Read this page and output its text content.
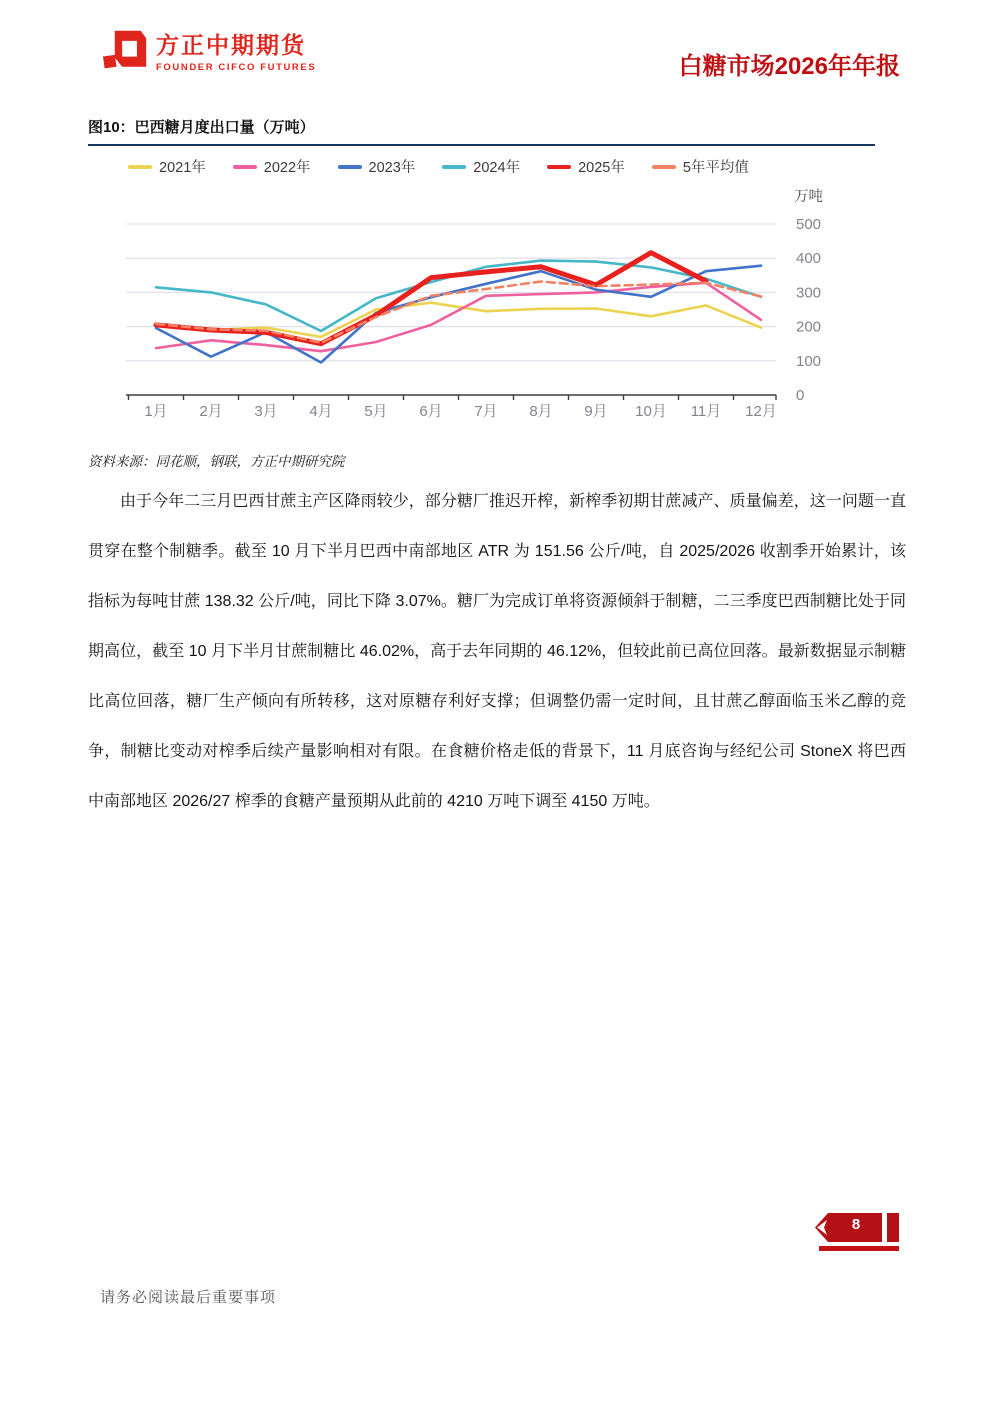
方正中期期货
FOUNDER CIFCO FUTURES	白糖市场2026年年报
图10：巴西糖月度出口量（万吨）
2021年	2022年	2023年	2024年	2025年	5年平均值
0
100
200
300
400
500
万吨
1月 2月 3月 4月 5月 6月 7月 8月 9月 10月 11月 12月
资料来源：同花顺，钢联，方正中期研究院
由于今年二三月巴西甘蔗主产区降雨较少，部分糖厂推迟开榨，新榨季初期甘蔗减产、质量偏差，这一问题一直贯穿在整个制糖季。截至 10 月下半月巴西中南部地区 ATR 为 151.56 公斤/吨，自 2025/2026 收割季开始累计，该指标为每吨甘蔗 138.32 公斤/吨，同比下降 3.07%。糖厂为完成订单将资源倾斜于制糖，二三季度巴西制糖比处于同期高位，截至 10 月下半月甘蔗制糖比 46.02%，高于去年同期的 46.12%，但较此前已高位回落。最新数据显示制糖比高位回落，糖厂生产倾向有所转移，这对原糖存利好支撑；但调整仍需一定时间，且甘蔗乙醇面临玉米乙醇的竞争，制糖比变动对榨季后续产量影响相对有限。在食糖价格走低的背景下，11 月底咨询与经纪公司 StoneX 将巴西中南部地区 2026/27 榨季的食糖产量预期从此前的 4210 万吨下调至 4150 万吨。
8
请务必阅读最后重要事项
